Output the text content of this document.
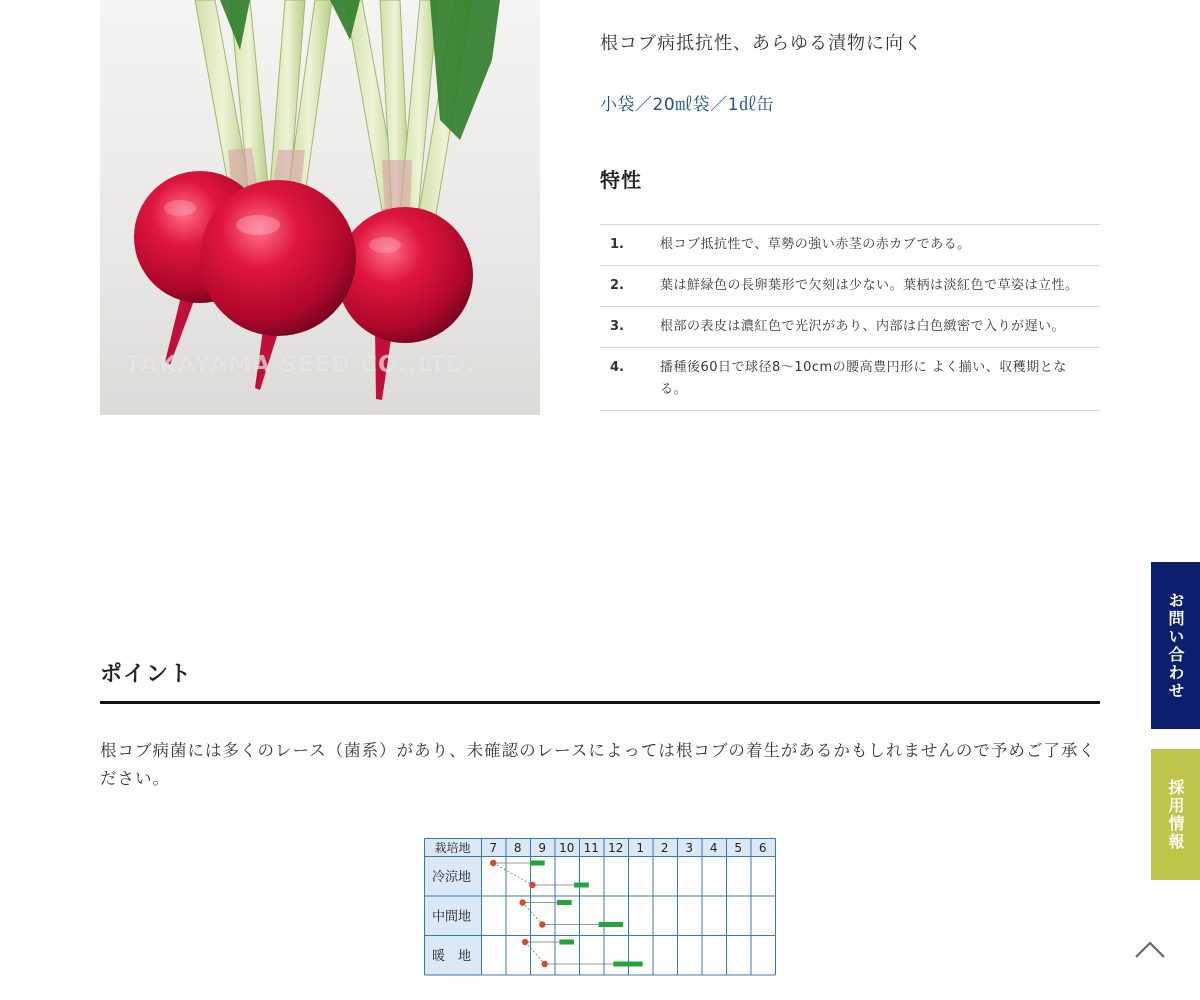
TAKAYAMA SEED CO.,LTD.
根コブ病抵抗性、あらゆる漬物に向く
小袋／20㎖袋／1㎗缶
特性
1.	根コブ抵抗性で、草勢の強い赤茎の赤カブである。
2.	葉は鮮緑色の長卵葉形で欠刻は少ない。葉柄は淡紅色で草姿は立性。
3.	根部の表皮は濃紅色で光沢があり、内部は白色緻密で入りが遅い。
4.	播種後60日で球径8〜10cmの腰高豊円形に よく揃い、収穫期となる。
ポイント
根コブ病菌には多くのレース（菌系）があり、未確認のレースによっては根コブの着生があるかもしれませんので予めご了承ください。
栽培地 7 8 9 10 11 12 1 2 3 4 5 6
冷涼地
中間地
暖　地
お問い合わせ
採用情報
